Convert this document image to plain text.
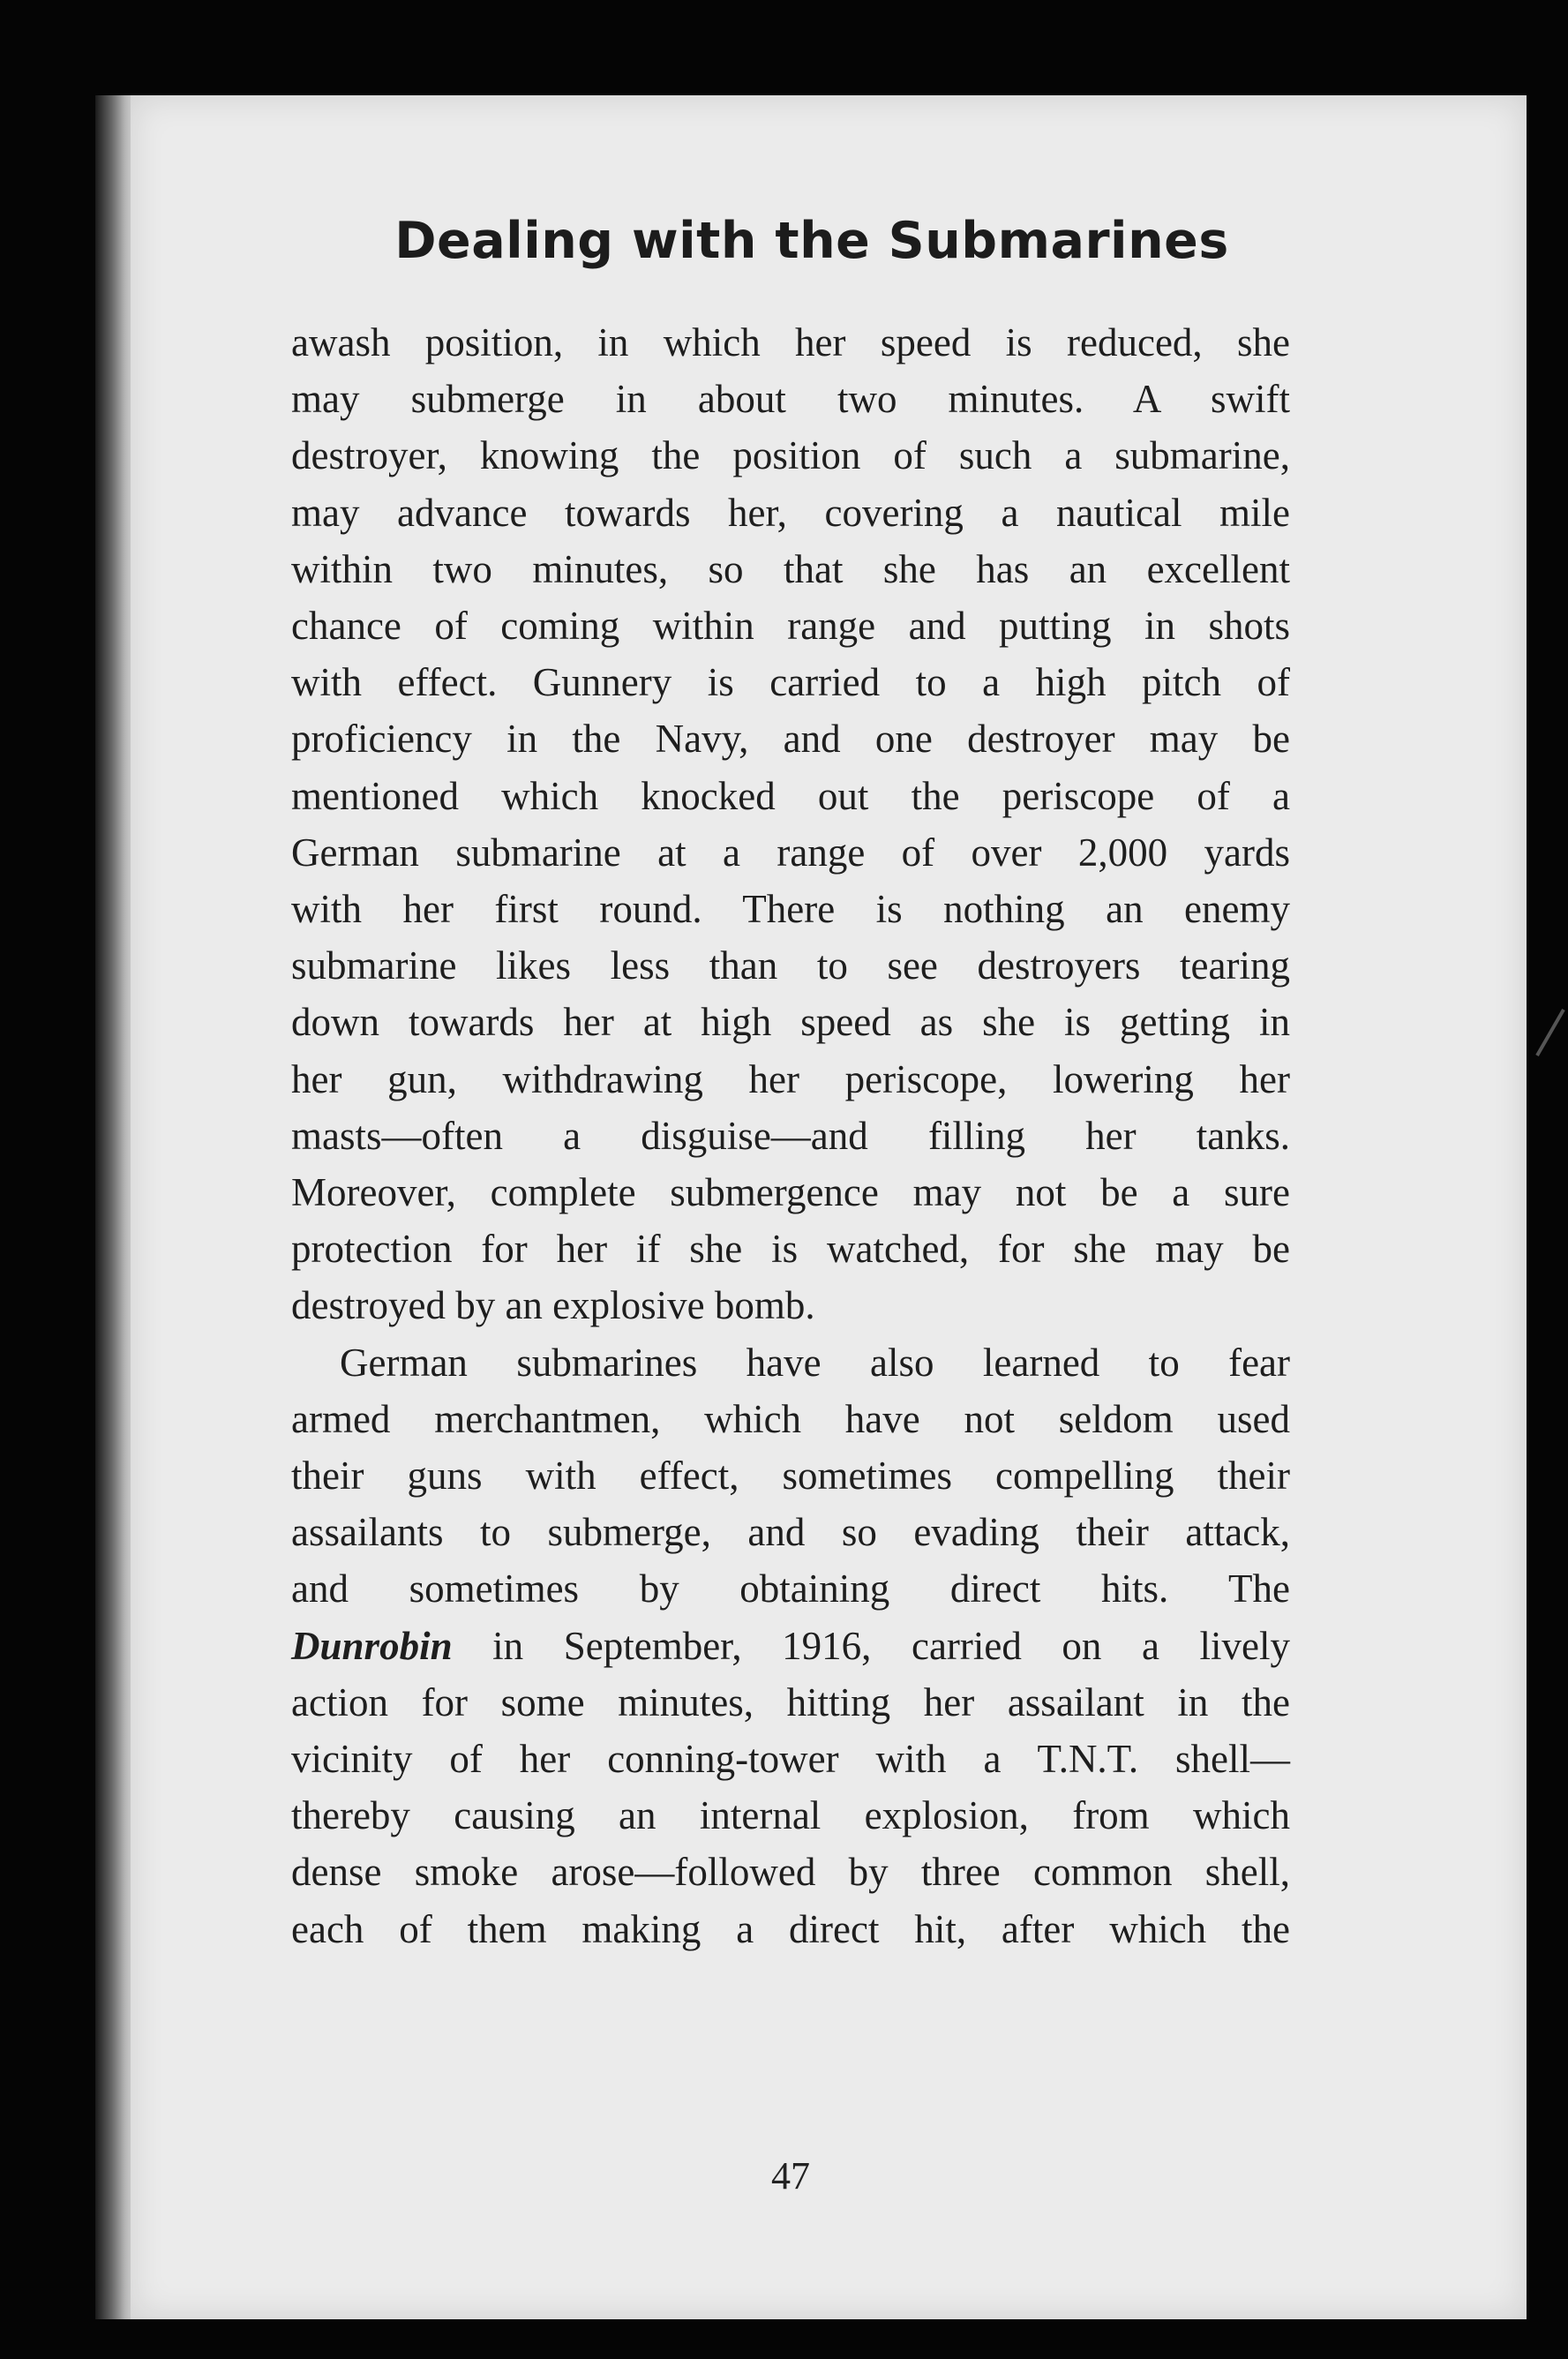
Dealing with the Submarines
awash position, in which her speed is reduced, she
may submerge in about two minutes. A swift
destroyer, knowing the position of such a submarine,
may advance towards her, covering a nautical mile
within two minutes, so that she has an excellent
chance of coming within range and putting in shots
with effect. Gunnery is carried to a high pitch of
proficiency in the Navy, and one destroyer may be
mentioned which knocked out the periscope of a
German submarine at a range of over 2,000 yards
with her first round. There is nothing an enemy
submarine likes less than to see destroyers tearing
down towards her at high speed as she is getting in
her gun, withdrawing her periscope, lowering her
masts—often a disguise—and filling her tanks.
Moreover, complete submergence may not be a sure
protection for her if she is watched, for she may be
destroyed by an explosive bomb.
German submarines have also learned to fear
armed merchantmen, which have not seldom used
their guns with effect, sometimes compelling their
assailants to submerge, and so evading their attack,
and sometimes by obtaining direct hits. The
Dunrobin in September, 1916, carried on a lively
action for some minutes, hitting her assailant in the
vicinity of her conning-tower with a T.N.T. shell—
thereby causing an internal explosion, from which
dense smoke arose—followed by three common shell,
each of them making a direct hit, after which the
47
